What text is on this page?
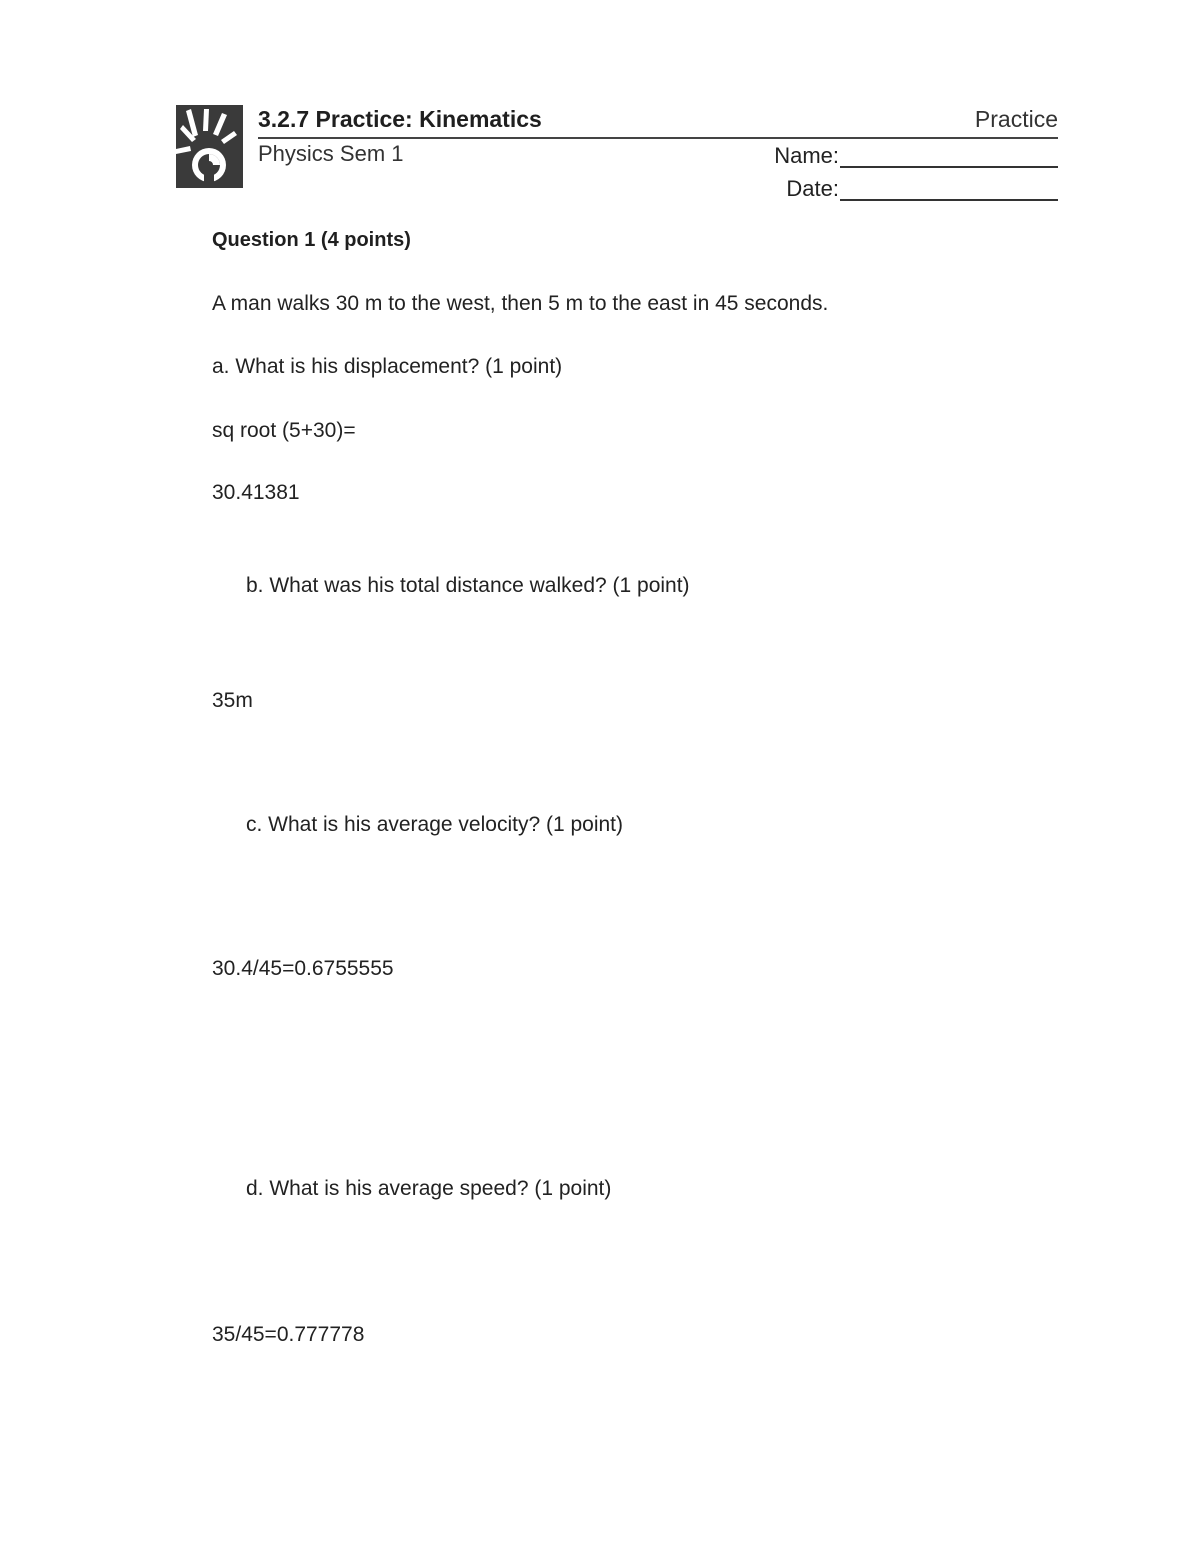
3.2.7 Practice: Kinematics	Practice
Physics Sem 1	Name:
Date:
Question 1 (4 points)
A man walks 30 m to the west, then 5 m to the east in 45 seconds.
a. What is his displacement? (1 point)
sq root (5+30)=
30.41381
b. What was his total distance walked? (1 point)
35m
c. What is his average velocity? (1 point)
30.4/45=0.6755555
d. What is his average speed? (1 point)
35/45=0.777778
